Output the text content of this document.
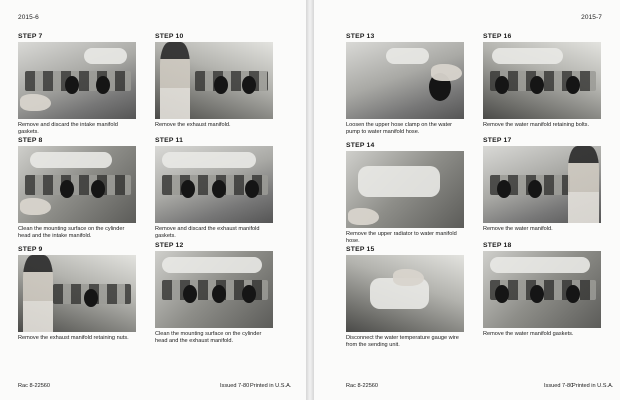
2015-6
STEP 7
Remove and discard the intake manifold gaskets.
STEP 10
Remove the exhaust manifold.
STEP 8
Clean the mounting surface on the cylinder head and the intake manifold.
STEP 11
Remove and discard the exhaust manifold gaskets.
STEP 9
Remove the exhaust manifold retaining nuts.
STEP 12
Clean the mounting surface on the cylinder head and the exhaust manifold.
Rac 8-22560	Issued 7-80 Printed in U.S.A.
2015-7
STEP 13
Loosen the upper hose clamp on the water pump to water manifold hose.
STEP 16
Remove the water manifold retaining bolts.
STEP 14
Remove the upper radiator to water manifold hose.
STEP 17
Remove the water manifold.
STEP 15
Disconnect the water temperature gauge wire from the sending unit.
STEP 18
Remove the water manifold gaskets.
Rac 8-22560	Issued 7-80
Printed in U.S.A.
